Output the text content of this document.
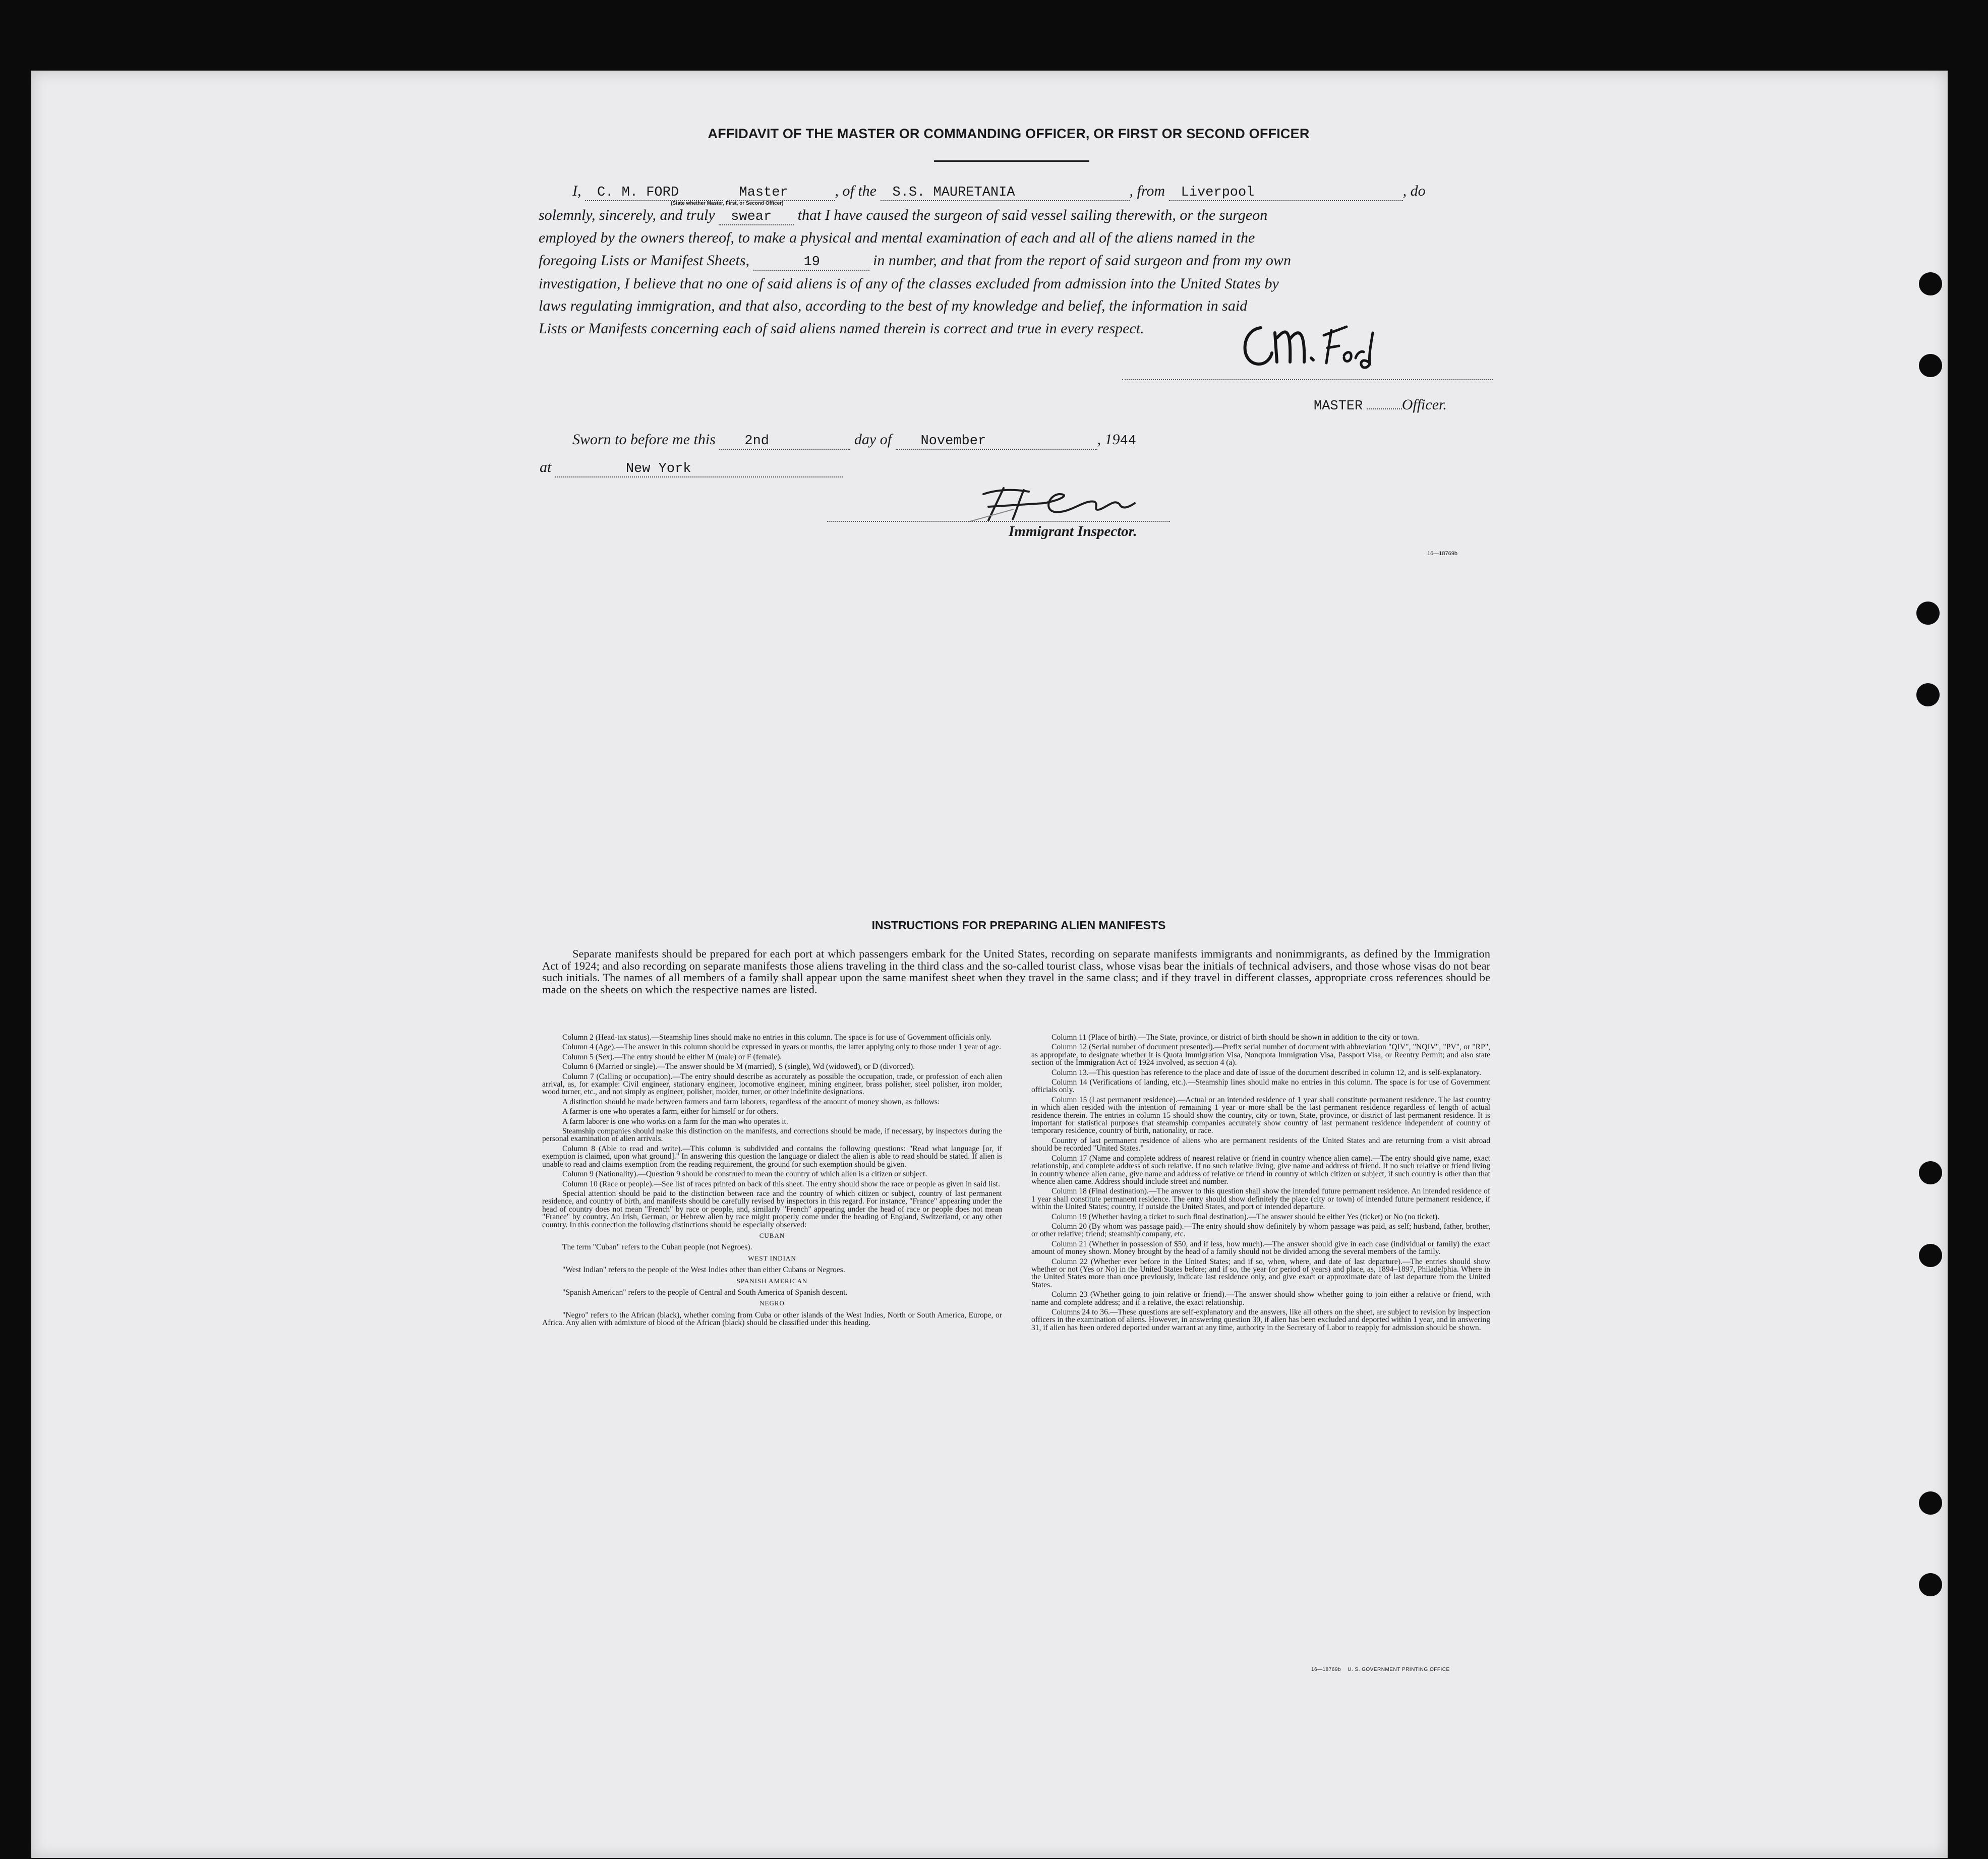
AFFIDAVIT OF THE MASTER OR COMMANDING OFFICER, OR FIRST OR SECOND OFFICER
I, C. M. FORD	Master	, of the S.S. MAURETANIA	, from Liverpool	, do
(State whether Master, First, or Second Officer)
solemnly, sincerely, and truly swear that I have caused the surgeon of said vessel sailing therewith, or the surgeon
employed by the owners thereof, to make a physical and mental examination of each and all of the aliens named in the
foregoing Lists or Manifest Sheets,	19	in number, and that from the report of said surgeon and from my own
investigation, I believe that no one of said aliens is of any of the classes excluded from admission into the United States by
laws regulating immigration, and that also, according to the best of my knowledge and belief, the information in said
Lists or Manifests concerning each of said aliens named therein is correct and true in every respect.
MASTER	Officer.
Sworn to before me this 2nd	day of November	, 1944
at	New York
Immigrant Inspector.
16—18769b
INSTRUCTIONS FOR PREPARING ALIEN MANIFESTS
Separate manifests should be prepared for each port at which passengers embark for the United States, recording on separate manifests immigrants and nonimmigrants, as defined by the Immigration Act of 1924; and also recording on separate manifests those aliens traveling in the third class and the so-called tourist class, whose visas bear the initials of technical advisers, and those whose visas do not bear such initials. The names of all members of a family shall appear upon the same manifest sheet when they travel in the same class; and if they travel in different classes, appropriate cross references should be made on the sheets on which the respective names are listed.

Column 2 (Head-tax status).—Steamship lines should make no entries in this column. The space is for use of Government officials only.

Column 4 (Age).—The answer in this column should be expressed in years or months, the latter applying only to those under 1 year of age.

Column 5 (Sex).—The entry should be either M (male) or F (female).

Column 6 (Married or single).—The answer should be M (married), S (single), Wd (widowed), or D (divorced).

Column 7 (Calling or occupation).—The entry should describe as accurately as possible the occupation, trade, or profession of each alien arrival, as, for example: Civil engineer, stationary engineer, locomotive engineer, mining engineer, brass polisher, steel polisher, iron molder, wood turner, etc., and not simply as engineer, polisher, molder, turner, or other indefinite designations.

A distinction should be made between farmers and farm laborers, regardless of the amount of money shown, as follows:

A farmer is one who operates a farm, either for himself or for others.

A farm laborer is one who works on a farm for the man who operates it.

Steamship companies should make this distinction on the manifests, and corrections should be made, if necessary, by inspectors during the personal examination of alien arrivals.

Column 8 (Able to read and write).—This column is subdivided and contains the following questions: "Read what language [or, if exemption is claimed, upon what ground]." In answering this question the language or dialect the alien is able to read should be stated. If alien is unable to read and claims exemption from the reading requirement, the ground for such exemption should be given.

Column 9 (Nationality).—Question 9 should be construed to mean the country of which alien is a citizen or subject.

Column 10 (Race or people).—See list of races printed on back of this sheet. The entry should show the race or people as given in said list.

Special attention should be paid to the distinction between race and the country of which citizen or subject, country of last permanent residence, and country of birth, and manifests should be carefully revised by inspectors in this regard. For instance, "France" appearing under the head of country does not mean "French" by race or people, and, similarly "French" appearing under the head of race or people does not mean "France" by country. An Irish, German, or Hebrew alien by race might properly come under the heading of England, Switzerland, or any other country. In this connection the following distinctions should be especially observed:

CUBAN

The term "Cuban" refers to the Cuban people (not Negroes).

WEST INDIAN

"West Indian" refers to the people of the West Indies other than either Cubans or Negroes.

SPANISH AMERICAN

"Spanish American" refers to the people of Central and South America of Spanish descent.

NEGRO

"Negro" refers to the African (black), whether coming from Cuba or other islands of the West Indies, North or South America, Europe, or Africa. Any alien with admixture of blood of the African (black) should be classified under this heading.

Column 11 (Place of birth).—The State, province, or district of birth should be shown in addition to the city or town.

Column 12 (Serial number of document presented).—Prefix serial number of document with abbreviation "QIV", "NQIV", "PV", or "RP", as appropriate, to designate whether it is Quota Immigration Visa, Nonquota Immigration Visa, Passport Visa, or Reentry Permit; and also state section of the Immigration Act of 1924 involved, as section 4 (a).

Column 13.—This question has reference to the place and date of issue of the document described in column 12, and is self-explanatory.

Column 14 (Verifications of landing, etc.).—Steamship lines should make no entries in this column. The space is for use of Government officials only.

Column 15 (Last permanent residence).—Actual or an intended residence of 1 year shall constitute permanent residence. The last country in which alien resided with the intention of remaining 1 year or more shall be the last permanent residence regardless of length of actual residence therein. The entries in column 15 should show the country, city or town, State, province, or district of last permanent residence. It is important for statistical purposes that steamship companies accurately show country of last permanent residence independent of country of temporary residence, country of birth, nationality, or race.

Country of last permanent residence of aliens who are permanent residents of the United States and are returning from a visit abroad should be recorded "United States."

Column 17 (Name and complete address of nearest relative or friend in country whence alien came).—The entry should give name, exact relationship, and complete address of such relative. If no such relative living, give name and address of friend. If no such relative or friend living in country whence alien came, give name and address of relative or friend in country of which citizen or subject, if such country is other than that whence alien came. Address should include street and number.

Column 18 (Final destination).—The answer to this question shall show the intended future permanent residence. An intended residence of 1 year shall constitute permanent residence. The entry should show definitely the place (city or town) of intended future permanent residence, if within the United States; country, if outside the United States, and port of intended departure.

Column 19 (Whether having a ticket to such final destination).—The answer should be either Yes (ticket) or No (no ticket).

Column 20 (By whom was passage paid).—The entry should show definitely by whom passage was paid, as self; husband, father, brother, or other relative; friend; steamship company, etc.

Column 21 (Whether in possession of $50, and if less, how much).—The answer should give in each case (individual or family) the exact amount of money shown. Money brought by the head of a family should not be divided among the several members of the family.

Column 22 (Whether ever before in the United States; and if so, when, where, and date of last departure).—The entries should show whether or not (Yes or No) in the United States before; and if so, the year (or period of years) and place, as, 1894–1897, Philadelphia. Where in the United States more than once previously, indicate last residence only, and give exact or approximate date of last departure from the United States.

Column 23 (Whether going to join relative or friend).—The answer should show whether going to join either a relative or friend, with name and complete address; and if a relative, the exact relationship.

Columns 24 to 36.—These questions are self-explanatory and the answers, like all others on the sheet, are subject to revision by inspection officers in the examination of aliens. However, in answering question 30, if alien has been excluded and deported within 1 year, and in answering 31, if alien has been ordered deported under warrant at any time, authority in the Secretary of Labor to reapply for admission should be shown.

16—18769b U. S. GOVERNMENT PRINTING OFFICE
